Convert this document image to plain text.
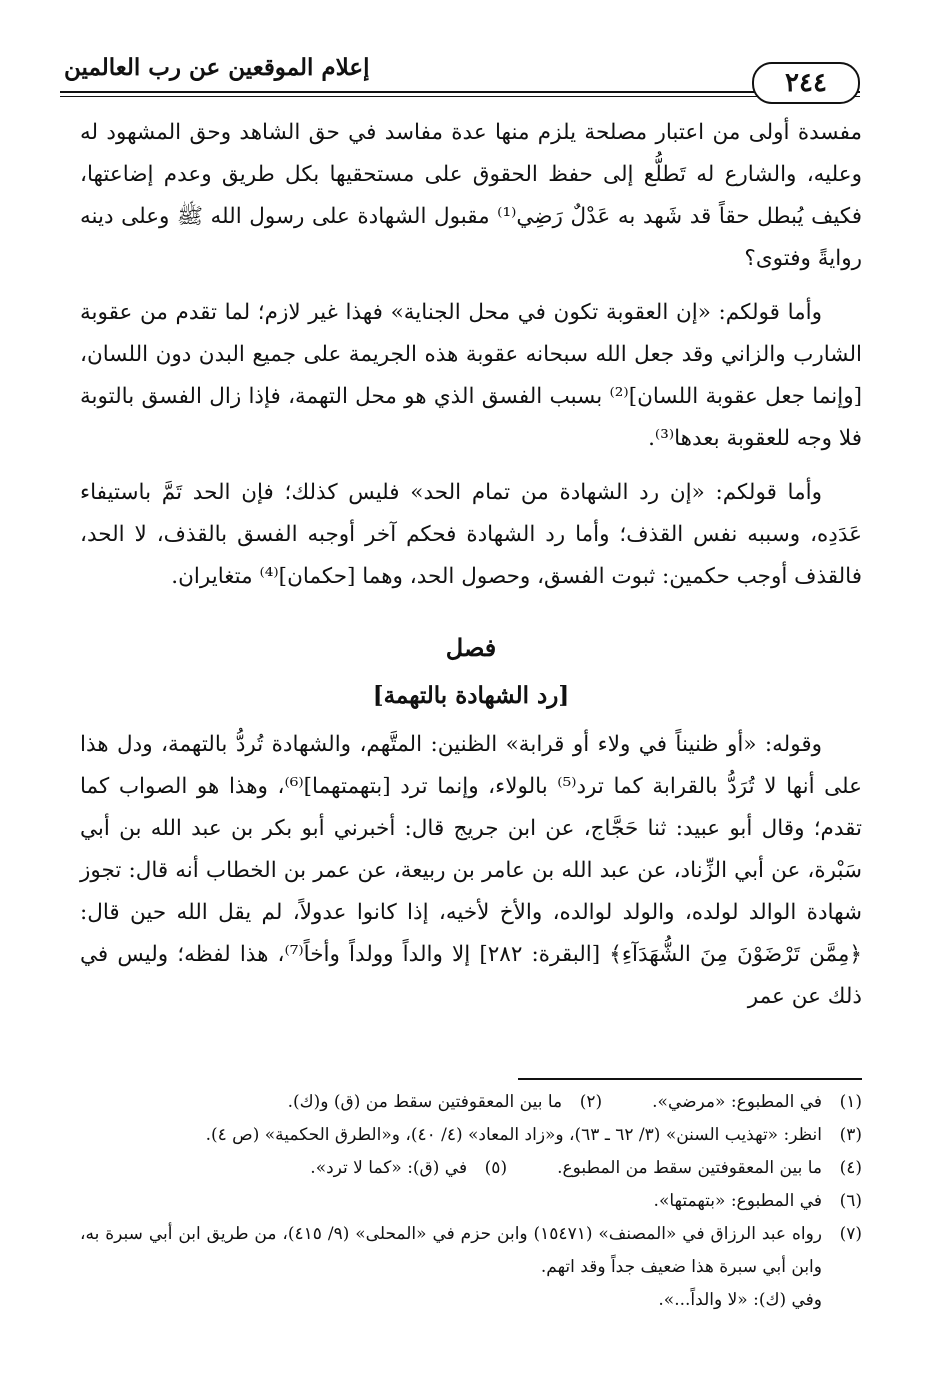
إعلام الموقعين عن رب العالمين
٢٤٤

مفسدة أولى من اعتبار مصلحة يلزم منها عدة مفاسد في حق الشاهد وحق المشهود له وعليه، والشارع له تَطلُّع إلى حفظ الحقوق على مستحقيها بكل طريق وعدم إضاعتها، فكيف يُبطل حقاً قد شَهد به عَدْلٌ رَضِي⁽¹⁾ مقبول الشهادة على رسول الله ﷺ وعلى دينه روايةً وفتوى؟

وأما قولكم: «إن العقوبة تكون في محل الجناية» فهذا غير لازم؛ لما تقدم من عقوبة الشارب والزاني وقد جعل الله سبحانه عقوبة هذه الجريمة على جميع البدن دون اللسان، [وإنما جعل عقوبة اللسان]⁽²⁾ بسبب الفسق الذي هو محل التهمة، فإذا زال الفسق بالتوبة فلا وجه للعقوبة بعدها⁽³⁾.

وأما قولكم: «إن رد الشهادة من تمام الحد» فليس كذلك؛ فإن الحد تَمَّ باستيفاء عَدَدِه، وسببه نفس القذف؛ وأما رد الشهادة فحكم آخر أوجبه الفسق بالقذف، لا الحد، فالقذف أوجب حكمين: ثبوت الفسق، وحصول الحد، وهما [حكمان]⁽⁴⁾ متغايران.

فصل
[رد الشهادة بالتهمة]

وقوله: «أو ظنيناً في ولاء أو قرابة» الظنين: المتَّهم، والشهادة تُردُّ بالتهمة، ودل هذا على أنها لا تُرَدُّ بالقرابة كما ترد⁽⁵⁾ بالولاء، وإنما ترد [بتهمتهما]⁽⁶⁾، وهذا هو الصواب كما تقدم؛ وقال أبو عبيد: ثنا حَجَّاج، عن ابن جريج قال: أخبرني أبو بكر بن عبد الله بن أبي سَبْرة، عن أبي الزِّناد، عن عبد الله بن عامر بن ربيعة، عن عمر بن الخطاب أنه قال: تجوز شهادة الوالد لولده، والولد لوالده، والأخ لأخيه، إذا كانوا عدولاً، لم يقل الله حين قال: ﴿مِمَّن تَرْضَوْنَ مِنَ الشُّهَدَآءِ﴾ [البقرة: ٢٨٢] إلا والداً وولداً وأخاً⁽⁷⁾، هذا لفظه؛ وليس في ذلك عن عمر

(١)
في المطبوع: «مرضي».
(٢)
ما بين المعقوفتين سقط من (ق) و(ك).
(٣)
انظر: «تهذيب السنن» (٣/ ٦٢ ـ ٦٣)، و«زاد المعاد» (٤/ ٤٠)، و«الطرق الحكمية» (ص ٤).
(٤)
ما بين المعقوفتين سقط من المطبوع.
(٥)
في (ق): «كما لا ترد».
(٦)
في المطبوع: «بتهمتها».
(٧)
رواه عبد الرزاق في «المصنف» (١٥٤٧١) وابن حزم في «المحلى» (٩/ ٤١٥)، من طريق ابن أبي سبرة به، وابن أبي سبرة هذا ضعيف جداً وقد اتهم.
وفي (ك): «لا والداً...».
